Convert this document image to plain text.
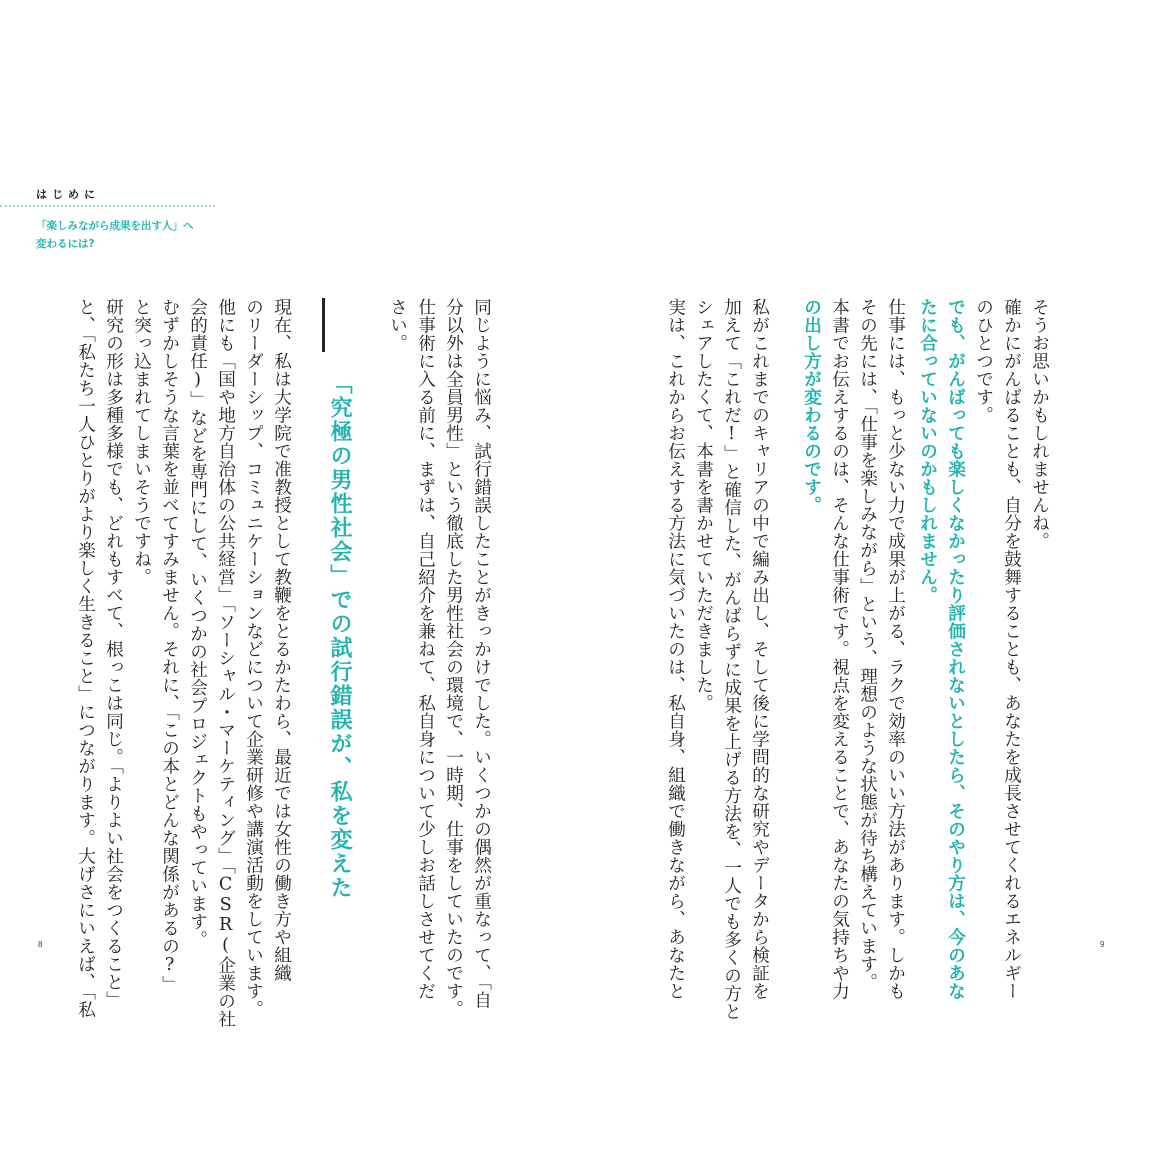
はじめに
「楽しみながら成果を出す人」へ
変わるには?
そうお思いかもしれませんね。
確かにがんばることも、自分を鼓舞することも、あなたを成長させてくれるエネルギー
のひとつです。
でも、がんばっても楽しくなかったり評価されないとしたら、そのやり方は、今のあな
たに合っていないのかもしれません。
仕事には、もっと少ない力で成果が上がる、ラクで効率のいい方法があります。しかも
その先には、「仕事を楽しみながら」という、理想のような状態が待ち構えています。
本書でお伝えするのは、そんな仕事術です。視点を変えることで、あなたの気持ちや力
の出し方が変わるのです。
私がこれまでのキャリアの中で編み出し、そして後に学問的な研究やデータから検証を
加えて「これだ!」と確信した、がんばらずに成果を上げる方法を、一人でも多くの方と
シェアしたくて、本書を書かせていただきました。
実は、これからお伝えする方法に気づいたのは、私自身、組織で働きながら、あなたと	9
同じように悩み、試行錯誤したことがきっかけでした。いくつかの偶然が重なって、「自
分以外は全員男性」という徹底した男性社会の環境で、一時期、仕事をしていたのです。
仕事術に入る前に、まずは、自己紹介を兼ねて、私自身について少しお話しさせてくだ
さい。
「究極の男性社会」での試行錯誤が、私を変えた
現在、私は大学院で准教授として教鞭をとるかたわら、最近では女性の働き方や組織
のリーダーシップ、コミュニケーションなどについて企業研修や講演活動をしています。
他にも「国や地方自治体の公共経営」「ソーシャル・マーケティング」「CSR(企業の社
会的責任)」などを専門にして、いくつかの社会プロジェクトもやっています。
むずかしそうな言葉を並べてすみません。それに、「この本とどんな関係があるの?」
と突っ込まれてしまいそうですね。
研究の形は多種多様でも、どれもすべて、根っこは同じ。「よりよい社会をつくること」
と、「私たち一人ひとりがより楽しく生きること」につながります。大げさにいえば、「私
8
